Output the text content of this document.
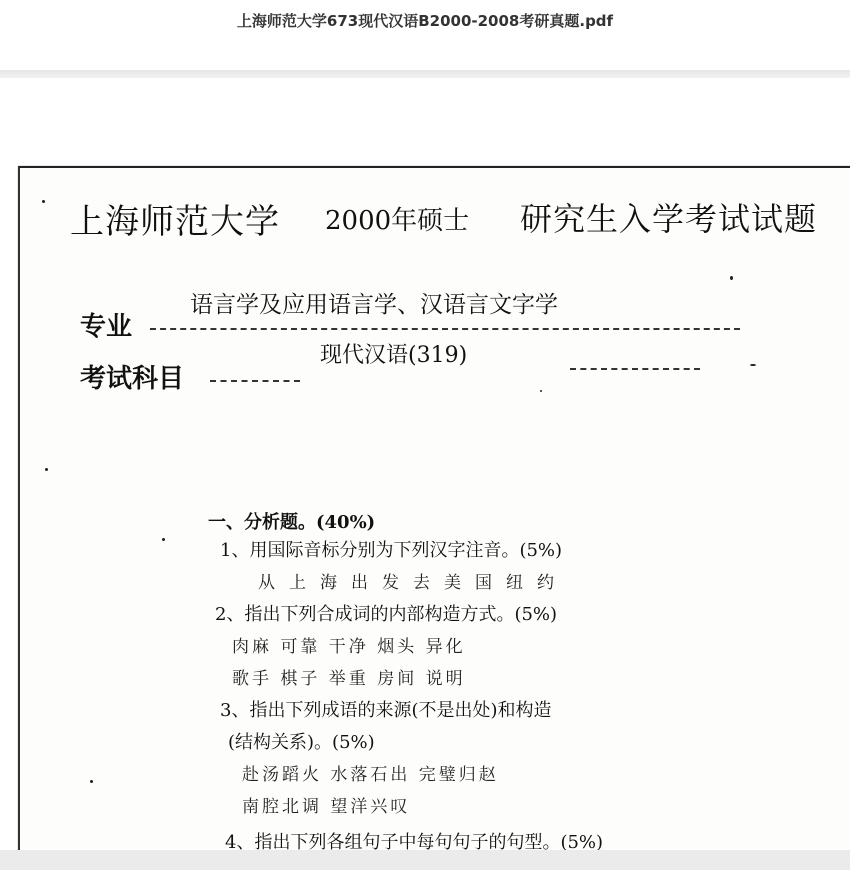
上海师范大学673现代汉语B2000-2008考研真题.pdf
上海师范大学 2000年硕士 研究生入学考试试题
专业
语言学及应用语言学、汉语言文字学
考试科目
现代汉语(319)
一、分析题。(40%)
1、用国际音标分别为下列汉字注音。(5%)
从上海出发去美国纽约
2、指出下列合成词的内部构造方式。(5%)
肉麻 可靠 干净 烟头 异化
歌手 棋子 举重 房间 说明
3、指出下列成语的来源(不是出处)和构造
(结构关系)。(5%)
赴汤蹈火 水落石出 完璧归赵
南腔北调 望洋兴叹
4、指出下列各组句子中每句句子的句型。(5%)
